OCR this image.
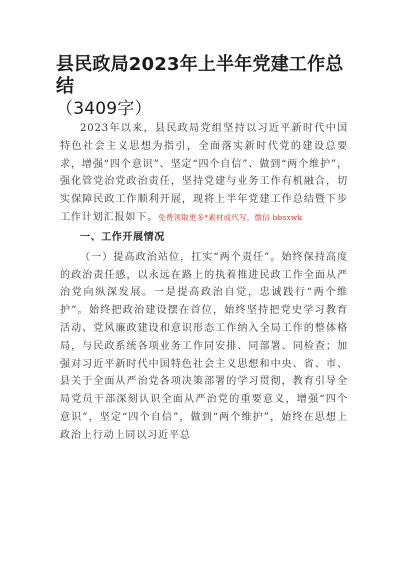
县民政局2023年上半年党建工作总结
（3409字）

2023年以来，县民政局党组坚持以习近平新时代中国特色社会主义思想为指引，全面落实新时代党的建设总要求，增强“四个意识”、坚定“四个自信”、做到“两个维护”，强化管党治党政治责任，坚持党建与业务工作有机融合，切实保障民政工作顺利开展，现将上半年党建工作总结暨下步工作计划汇报如下。免费领取更多*素材或代写，微信 bbsxwk

一、工作开展情况

（一）提高政治站位，扛实“两个责任”。始终保持高度的政治责任感，以永远在路上的执着推进民政工作全面从严治党向纵深发展。一是提高政治自觉，忠诚践行“两个维护”。始终把政治建设摆在首位，始终坚持把党史学习教育活动、党风廉政建设和意识形态工作纳入全局工作的整体格局，与民政系统各项业务工作同安排、同部署、同检查；加强对习近平新时代中国特色社会主义思想和中央、省、市、县关于全面从严治党各项决策部署的学习贯彻，教育引导全局党员干部深刻认识全面从严治党的重要意义，增强“四个意识”，坚定“四个自信”，做到“两个维护”，始终在思想上政治上行动上同以习近平总
